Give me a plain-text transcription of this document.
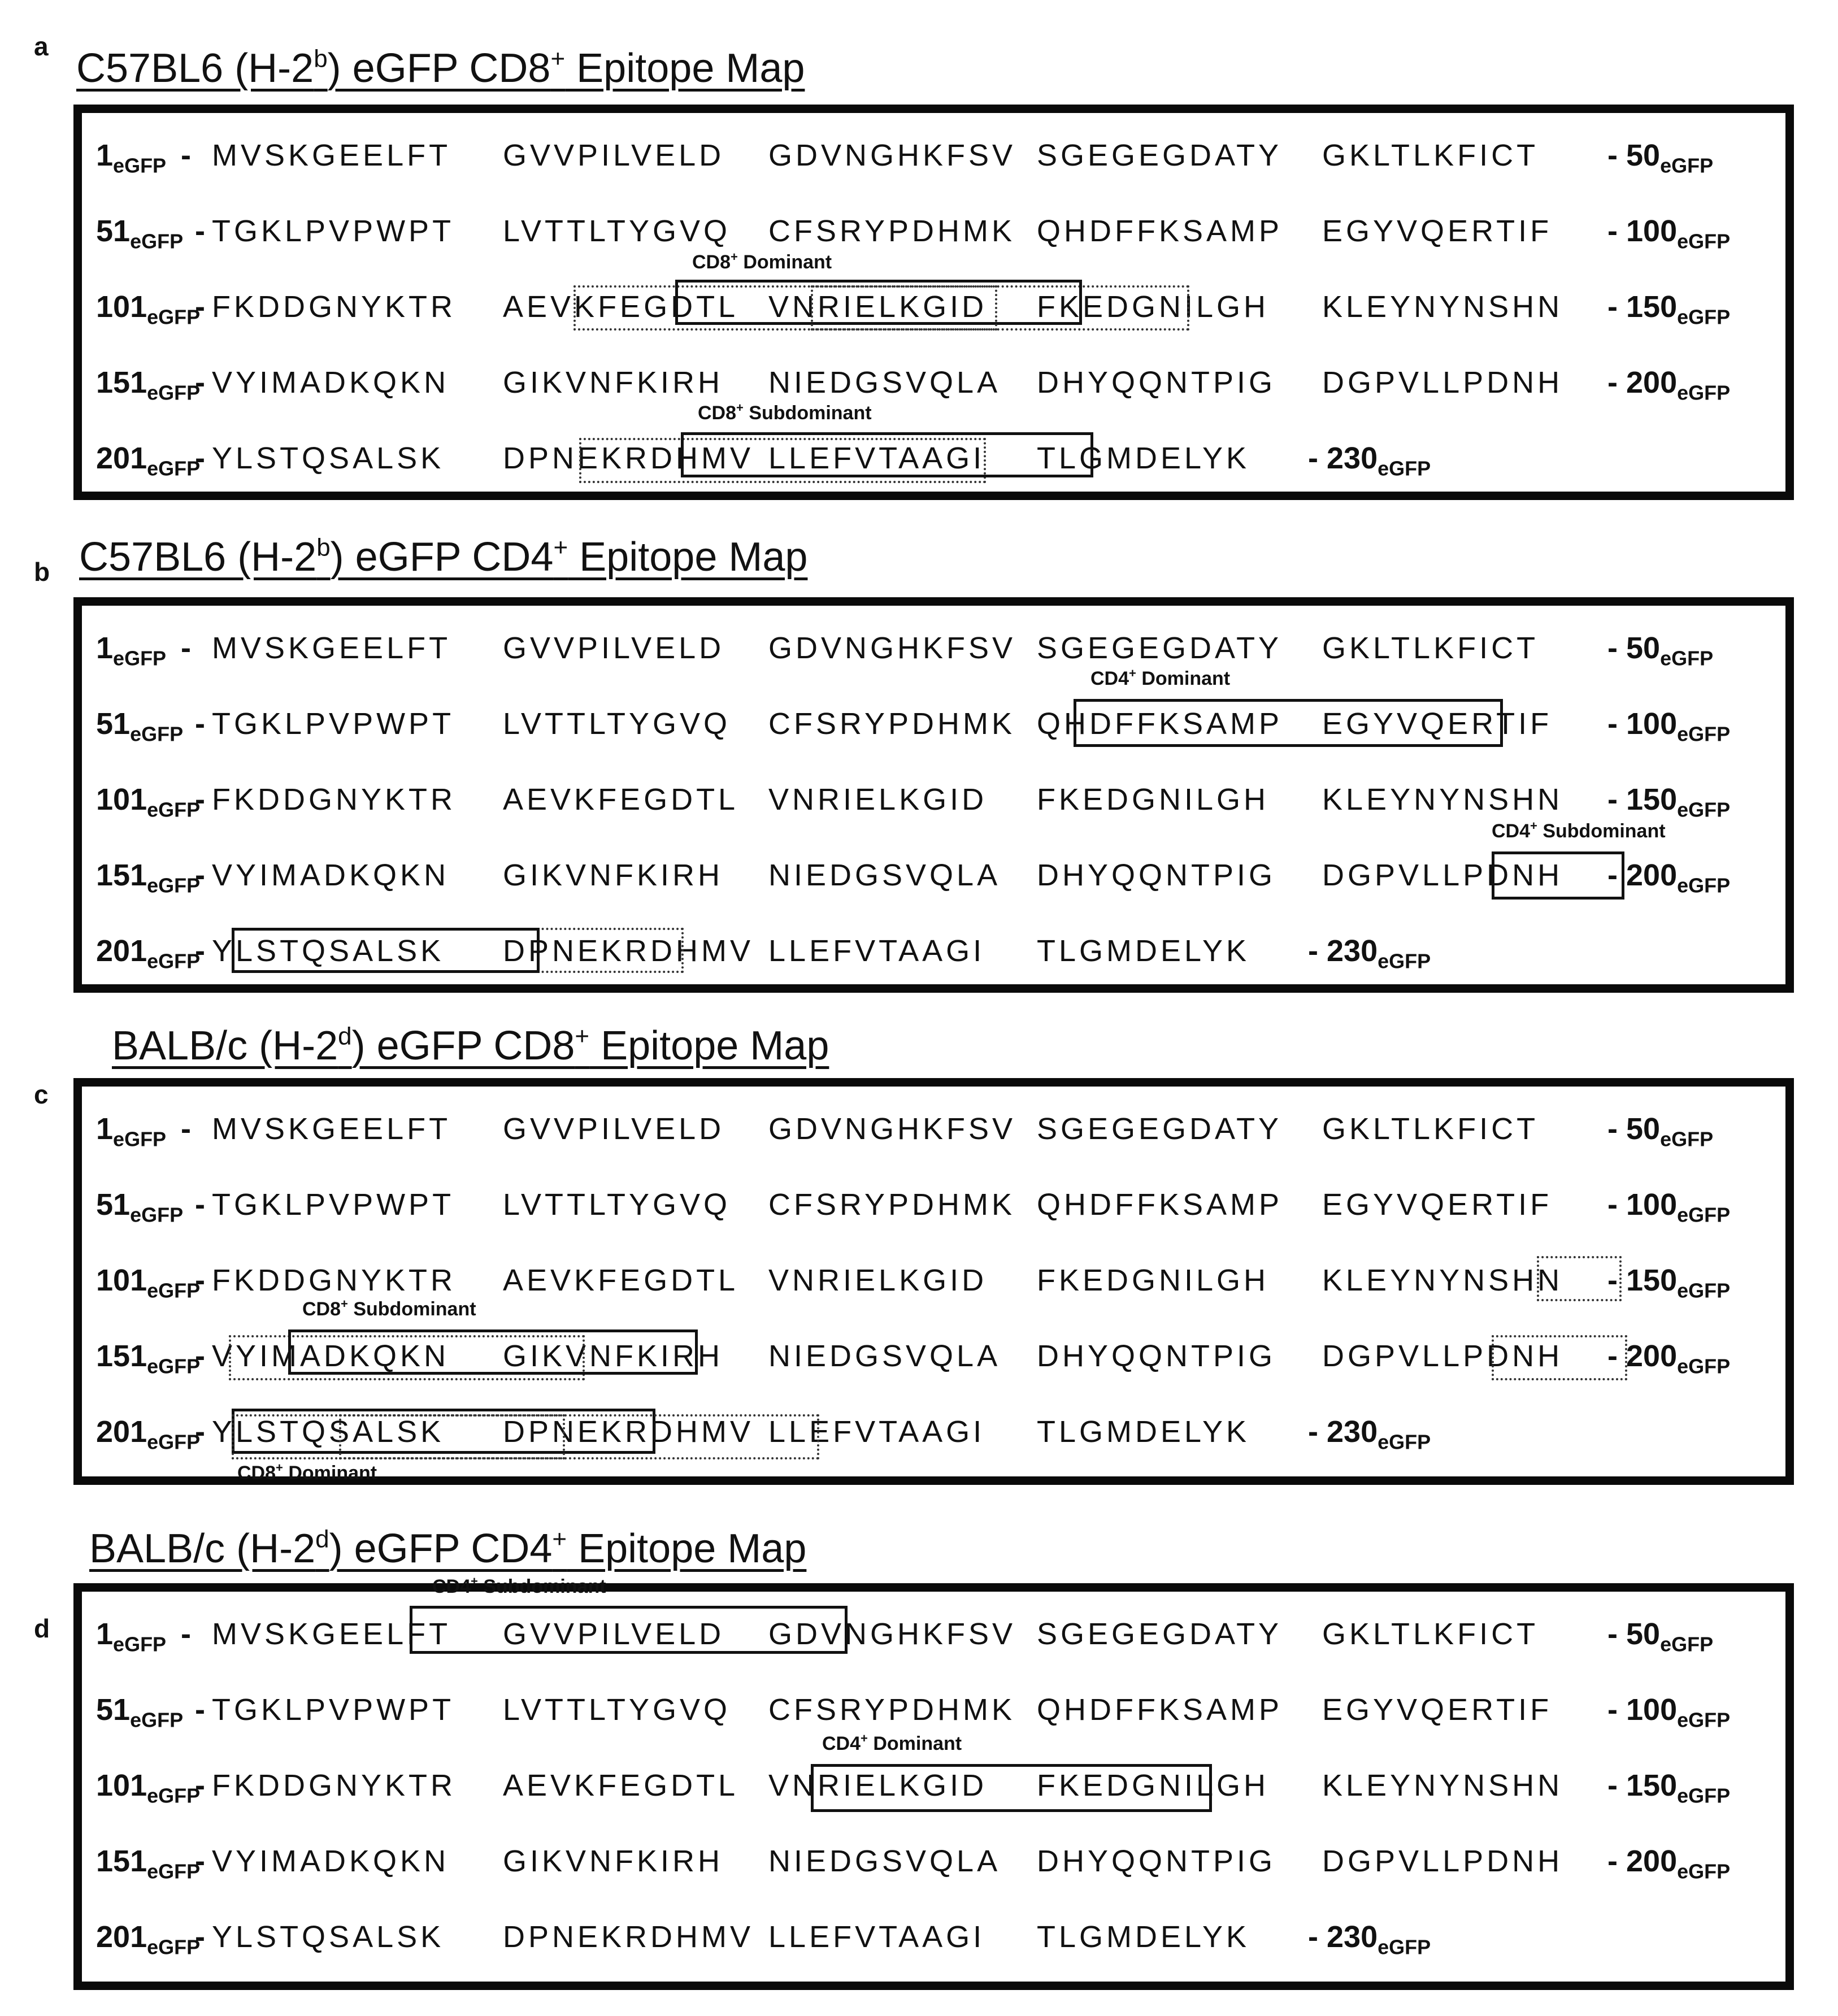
a C57BL6 (H-2$^b$) eGFP CD8+ Epitope Map
$1_{eGFP}$ - MVSKGEELFT GVVPILVELD GDVNGHKFSV SGEGEGDATY GKLTLKFICT - $50_{eGFP}$
$51_{eGFP}$ - TGKLPVPWPT LVTTLTYGVQ CFSRYPDHMK QHDFFKSAMP EGYVQERTIF - $100_{eGFP}$
$101_{eGFP}$
- FKDDGNYKTR AEVKFEGDTL VNRIELKGID FKEDGNILGH KLEYNYNSHN - $150_{eGFP}$
$151_{eGFP}$
- VYIMADKQKN GIKVNFKIRH NIEDGSVQLA DHYQQNTPIG DGPVLLPDNH - $200_{eGFP}$
$201_{eGFP}$
- YLSTQSALSK DPNEKRDHMV LLEFVTAAGI TLGMDELYK - $230_{eGFP}$
CD8+ Dominant
CD8+ Subdominant
b C57BL6 (H-2$^b$) eGFP CD4+ Epitope Map
$1_{eGFP}$ - MVSKGEELFT GVVPILVELD GDVNGHKFSV SGEGEGDATY GKLTLKFICT - $50_{eGFP}$
$51_{eGFP}$ - TGKLPVPWPT LVTTLTYGVQ CFSRYPDHMK QHDFFKSAMP EGYVQERTIF - $100_{eGFP}$
$101_{eGFP}$
- FKDDGNYKTR AEVKFEGDTL VNRIELKGID FKEDGNILGH KLEYNYNSHN - $150_{eGFP}$
$151_{eGFP}$
- VYIMADKQKN GIKVNFKIRH NIEDGSVQLA DHYQQNTPIG DGPVLLPDNH - $200_{eGFP}$
$201_{eGFP}$
- YLSTQSALSK DPNEKRDHMV LLEFVTAAGI TLGMDELYK - $230_{eGFP}$
CD4+ Dominant
CD4+ Subdominant
c
BALB/c (H-2$^d$) eGFP CD8+ Epitope Map
$1_{eGFP}$ - MVSKGEELFT GVVPILVELD GDVNGHKFSV SGEGEGDATY GKLTLKFICT - $50_{eGFP}$
$51_{eGFP}$ - TGKLPVPWPT LVTTLTYGVQ CFSRYPDHMK QHDFFKSAMP EGYVQERTIF - $100_{eGFP}$
$101_{eGFP}$
- FKDDGNYKTR AEVKFEGDTL VNRIELKGID FKEDGNILGH KLEYNYNSHN - $150_{eGFP}$
$151_{eGFP}$
- VYIMADKQKN GIKVNFKIRH NIEDGSVQLA DHYQQNTPIG DGPVLLPDNH - $200_{eGFP}$
$201_{eGFP}$
- YLSTQSALSK DPNEKRDHMV LLEFVTAAGI TLGMDELYK - $230_{eGFP}$
CD8+ Subdominant
CD8+ Dominant
d
BALB/c (H-2$^d$) eGFP CD4+ Epitope Map
$1_{eGFP}$ - MVSKGEELFT GVVPILVELD GDVNGHKFSV SGEGEGDATY GKLTLKFICT - $50_{eGFP}$
$51_{eGFP}$ - TGKLPVPWPT LVTTLTYGVQ CFSRYPDHMK QHDFFKSAMP EGYVQERTIF - $100_{eGFP}$
$101_{eGFP}$
- FKDDGNYKTR AEVKFEGDTL VNRIELKGID FKEDGNILGH KLEYNYNSHN - $150_{eGFP}$
$151_{eGFP}$
- VYIMADKQKN GIKVNFKIRH NIEDGSVQLA DHYQQNTPIG DGPVLLPDNH - $200_{eGFP}$
$201_{eGFP}$
- YLSTQSALSK DPNEKRDHMV LLEFVTAAGI TLGMDELYK - $230_{eGFP}$
CD4+ Subdominant
CD4+ Dominant
